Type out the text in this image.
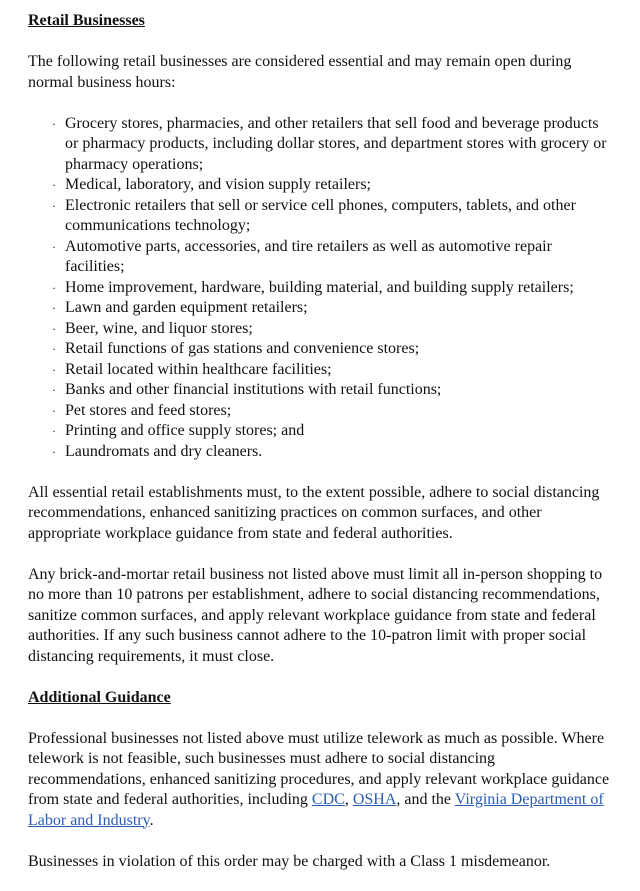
Retail Businesses

The following retail businesses are considered essential and may remain open during normal business hours:

· Grocery stores, pharmacies, and other retailers that sell food and beverage products or pharmacy products, including dollar stores, and department stores with grocery or pharmacy operations;
· Medical, laboratory, and vision supply retailers;
· Electronic retailers that sell or service cell phones, computers, tablets, and other communications technology;
· Automotive parts, accessories, and tire retailers as well as automotive repair facilities;
· Home improvement, hardware, building material, and building supply retailers;
· Lawn and garden equipment retailers;
· Beer, wine, and liquor stores;
· Retail functions of gas stations and convenience stores;
· Retail located within healthcare facilities;
· Banks and other financial institutions with retail functions;
· Pet stores and feed stores;
· Printing and office supply stores; and
· Laundromats and dry cleaners.

All essential retail establishments must, to the extent possible, adhere to social distancing recommendations, enhanced sanitizing practices on common surfaces, and other appropriate workplace guidance from state and federal authorities.

Any brick-and-mortar retail business not listed above must limit all in-person shopping to no more than 10 patrons per establishment, adhere to social distancing recommendations, sanitize common surfaces, and apply relevant workplace guidance from state and federal authorities. If any such business cannot adhere to the 10-patron limit with proper social distancing requirements, it must close.

Additional Guidance

Professional businesses not listed above must utilize telework as much as possible. Where telework is not feasible, such businesses must adhere to social distancing recommendations, enhanced sanitizing procedures, and apply relevant workplace guidance from state and federal authorities, including CDC, OSHA, and the Virginia Department of Labor and Industry.

Businesses in violation of this order may be charged with a Class 1 misdemeanor.
